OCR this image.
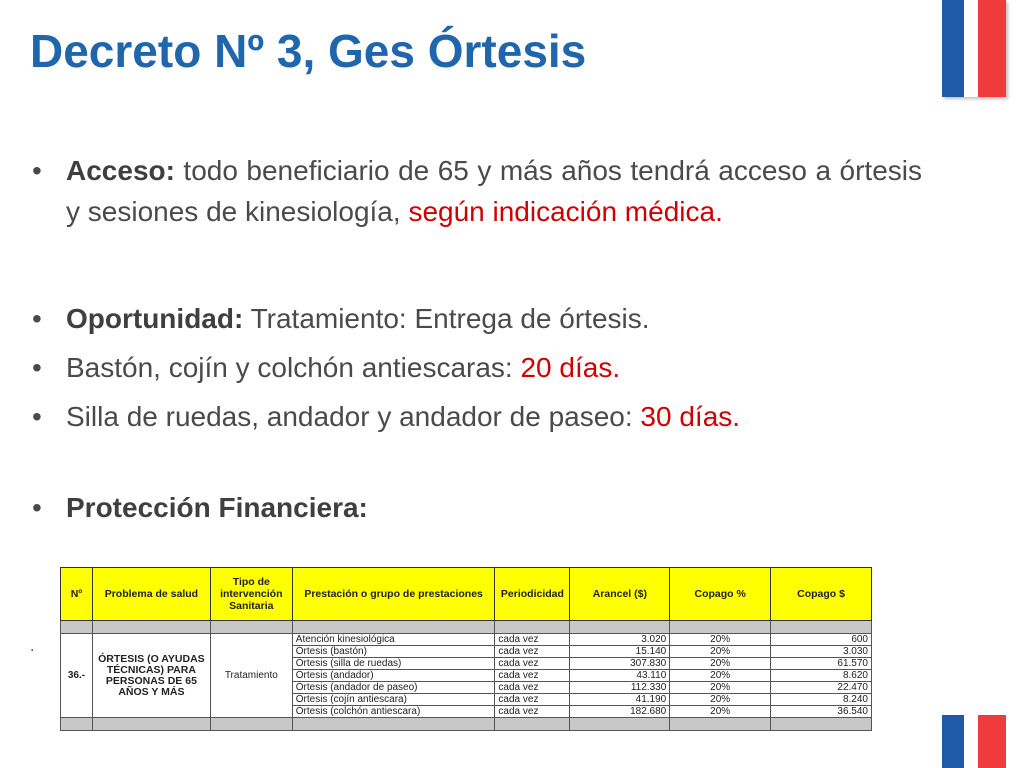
Decreto Nº 3, Ges Órtesis
• Acceso: todo beneficiario de 65 y más años tendrá acceso a órtesis y sesiones de kinesiología, según indicación médica.
• Oportunidad: Tratamiento: Entrega de órtesis.
• Bastón, cojín y colchón antiescaras: 20 días.
• Silla de ruedas, andador y andador de paseo: 30 días.
• Protección Financiera:
.
Nº	Problema de salud	Tipo de intervención Sanitaria	Prestación o grupo de prestaciones	Periodicidad	Arancel ($)	Copago %	Copago $

36.-	ÓRTESIS (O AYUDAS TÉCNICAS) PARA PERSONAS DE 65 AÑOS Y MÁS	Tratamiento	Atención kinesiológica	cada vez	3.020	20%	600
			Órtesis (bastón)	cada vez	15.140	20%	3.030
			Órtesis (silla de ruedas)	cada vez	307.830	20%	61.570
			Órtesis (andador)	cada vez	43.110	20%	8.620
			Órtesis (andador de paseo)	cada vez	112.330	20%	22.470
			Órtesis (cojín antiescara)	cada vez	41.190	20%	8.240
			Órtesis (colchón antiescara)	cada vez	182.680	20%	36.540
